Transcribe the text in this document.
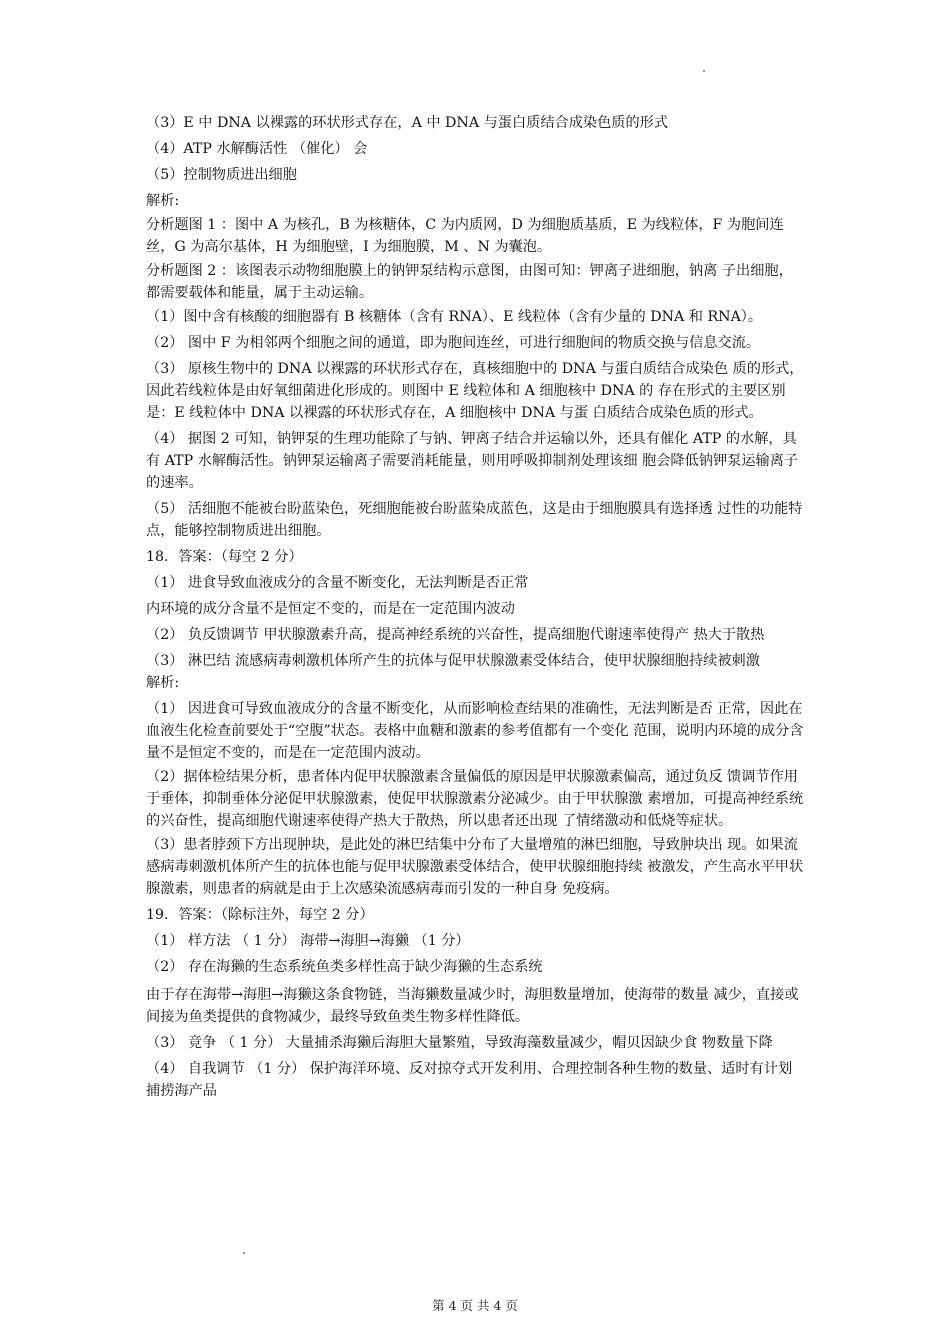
（3）E 中 DNA 以裸露的环状形式存在，A 中 DNA 与蛋白质结合成染色质的形式
（4）ATP 水解酶活性 （催化） 会
（5）控制物质进出细胞
解析:
分析题图 1 ：图中 A 为核孔，B 为核糖体，C 为内质网，D 为细胞质基质，E 为线粒体，F 为胞间连丝，G 为高尔基体，H 为细胞壁，I 为细胞膜，M 、N 为囊泡。
分析题图 2 ：该图表示动物细胞膜上的钠钾泵结构示意图，由图可知：钾离子进细胞，钠离 子出细胞，都需要载体和能量，属于主动运输。
（1）图中含有核酸的细胞器有 B 核糖体（含有 RNA）、E 线粒体（含有少量的 DNA 和 RNA）。
（2） 图中 F 为相邻两个细胞之间的通道，即为胞间连丝，可进行细胞间的物质交换与信息交流。
（3） 原核生物中的 DNA 以裸露的环状形式存在，真核细胞中的 DNA 与蛋白质结合成染色 质的形式，因此若线粒体是由好氧细菌进化形成的。则图中 E 线粒体和 A 细胞核中 DNA 的 存在形式的主要区别是：E 线粒体中 DNA 以裸露的环状形式存在，A 细胞核中 DNA 与蛋 白质结合成染色质的形式。
（4） 据图 2 可知，钠钾泵的生理功能除了与钠、钾离子结合并运输以外，还具有催化 ATP 的水解，具有 ATP 水解酶活性。钠钾泵运输离子需要消耗能量，则用呼吸抑制剂处理该细 胞会降低钠钾泵运输离子的速率。
（5） 活细胞不能被台盼蓝染色，死细胞能被台盼蓝染成蓝色，这是由于细胞膜具有选择透 过性的功能特点，能够控制物质进出细胞。
18．答案：（每空 2 分）
（1） 进食导致血液成分的含量不断变化，无法判断是否正常
内环境的成分含量不是恒定不变的，而是在一定范围内波动
（2） 负反馈调节 甲状腺激素升高，提高神经系统的兴奋性，提高细胞代谢速率使得产 热大于散热
（3） 淋巴结 流感病毒刺激机体所产生的抗体与促甲状腺激素受体结合，使甲状腺细胞持续被刺激
解析:
（1） 因进食可导致血液成分的含量不断变化，从而影响检查结果的准确性，无法判断是否 正常，因此在血液生化检查前要处于“空腹”状态。表格中血糖和激素的参考值都有一个变化 范围，说明内环境的成分含量不是恒定不变的，而是在一定范围内波动。
（2）据体检结果分析，患者体内促甲状腺激素含量偏低的原因是甲状腺激素偏高，通过负反 馈调节作用于垂体，抑制垂体分泌促甲状腺激素，使促甲状腺激素分泌减少。由于甲状腺激 素增加，可提高神经系统的兴奋性，提高细胞代谢速率使得产热大于散热，所以患者还出现 了情绪激动和低烧等症状。
（3）患者脖颈下方出现肿块，是此处的淋巴结集中分布了大量增殖的淋巴细胞，导致肿块出 现。如果流感病毒刺激机体所产生的抗体也能与促甲状腺激素受体结合，使甲状腺细胞持续 被激发，产生高水平甲状腺激素，则患者的病就是由于上次感染流感病毒而引发的一种自身 免疫病。
19．答案：（除标注外，每空 2 分）
（1） 样方法 （ 1 分） 海带→海胆→海獭 （1 分）
（2） 存在海獭的生态系统鱼类多样性高于缺少海獭的生态系统
由于存在海带→海胆→海獭这条食物链，当海獭数量减少时，海胆数量增加，使海带的数量 减少，直接或间接为鱼类提供的食物减少，最终导致鱼类生物多样性降低。
（3） 竞争 （ 1 分） 大量捕杀海獭后海胆大量繁殖，导致海藻数量减少，帽贝因缺少食 物数量下降
（4） 自我调节 （1 分） 保护海洋环境、反对掠夺式开发利用、合理控制各种生物的数量、适时有计划捕捞海产品
第 4 页 共 4 页
